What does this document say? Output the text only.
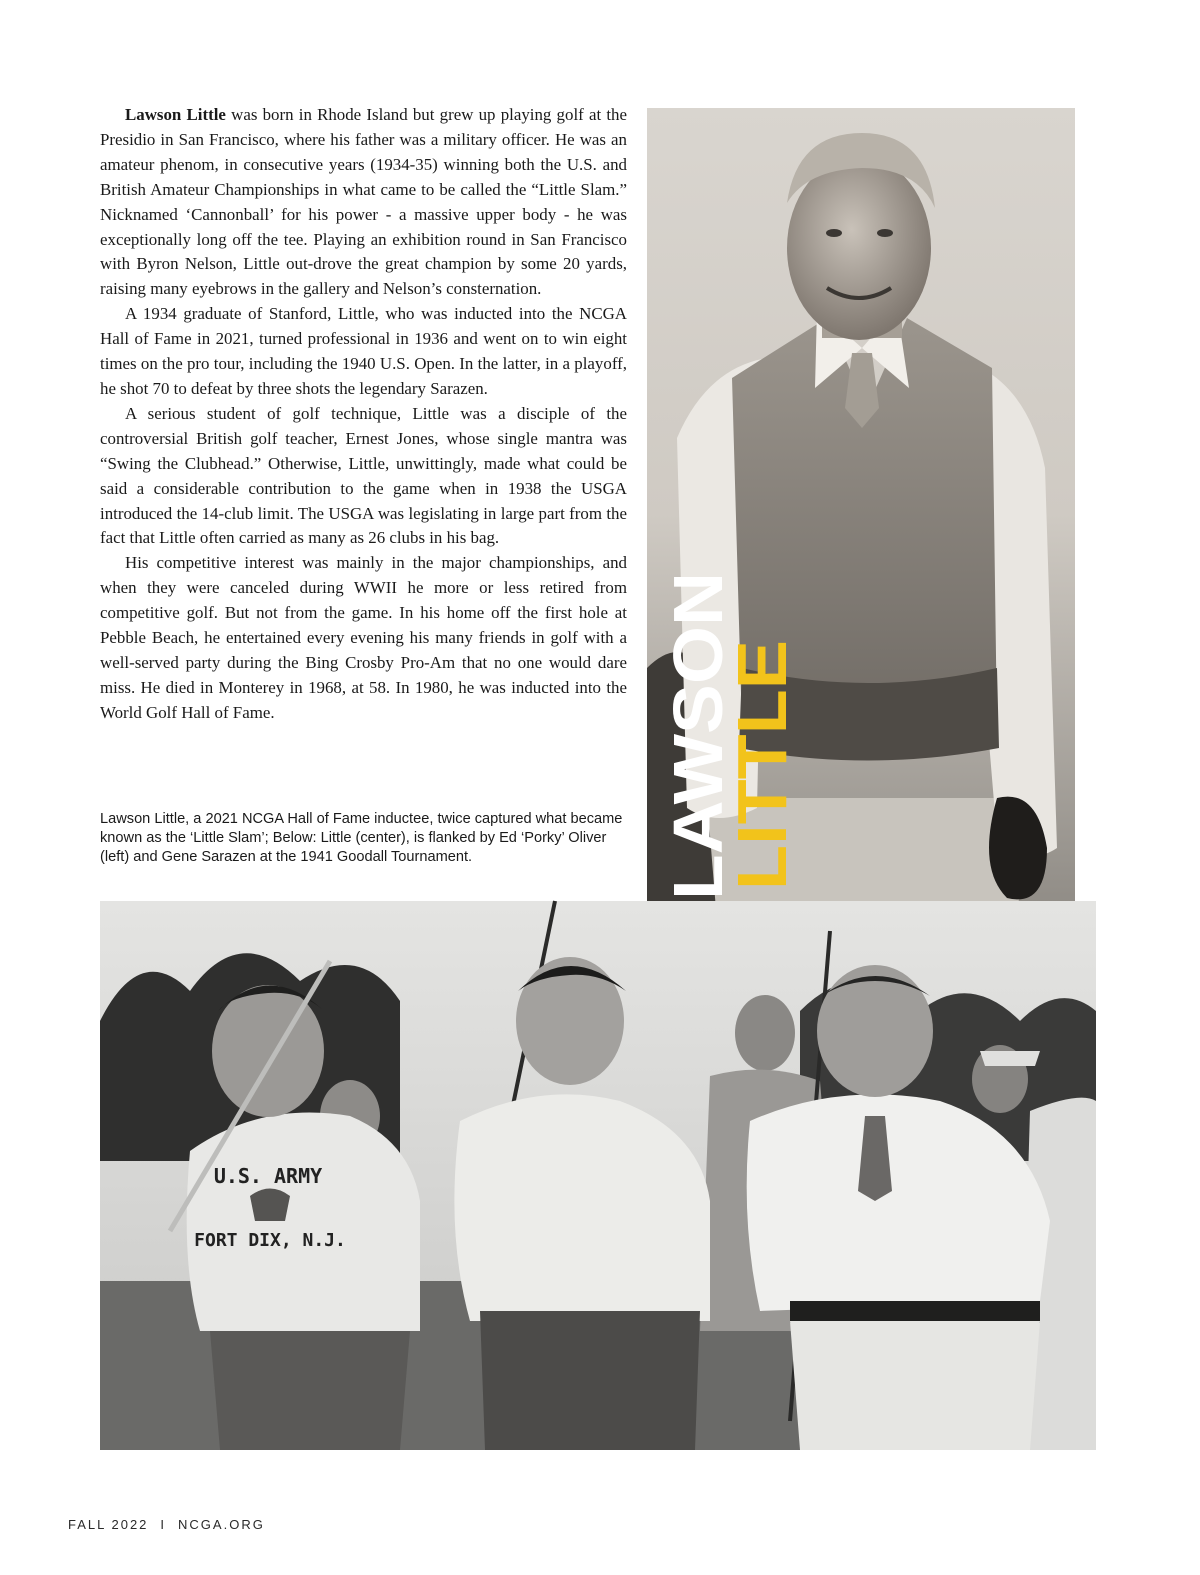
Lawson Little was born in Rhode Island but grew up playing golf at the Presidio in San Francisco, where his father was a military officer. He was an amateur phenom, in consecutive years (1934-35) winning both the U.S. and British Amateur Championships in what came to be called the “Little Slam.” Nicknamed ‘Cannonball’ for his power - a massive upper body - he was exceptionally long off the tee. Playing an exhibition round in San Francisco with Byron Nelson, Little out-drove the great champion by some 20 yards, raising many eyebrows in the gallery and Nelson’s consternation.

A 1934 graduate of Stanford, Little, who was inducted into the NCGA Hall of Fame in 2021, turned professional in 1936 and went on to win eight times on the pro tour, including the 1940 U.S. Open. In the latter, in a playoff, he shot 70 to defeat by three shots the legendary Sarazen.

A serious student of golf technique, Little was a disciple of the controversial British golf teacher, Ernest Jones, whose single mantra was “Swing the Clubhead.” Otherwise, Little, unwittingly, made what could be said a considerable contribution to the game when in 1938 the USGA introduced the 14-club limit. The USGA was legislating in large part from the fact that Little often carried as many as 26 clubs in his bag.

His competitive interest was mainly in the major championships, and when they were canceled during WWII he more or less retired from competitive golf. But not from the game. In his home off the first hole at Pebble Beach, he entertained every evening his many friends in golf with a well-served party during the Bing Crosby Pro-Am that no one would dare miss. He died in Monterey in 1968, at 58. In 1980, he was inducted into the World Golf Hall of Fame.

Lawson Little, a 2021 NCGA Hall of Fame inductee, twice captured what became known as the ‘Little Slam’; Below: Little (center), is flanked by Ed ‘Porky’ Oliver (left) and Gene Sarazen at the 1941 Goodall Tournament.	LAWSON
LITTLE
U.S. ARMY
FORT DIX, N.J.
FALL 2022 I NCGA.ORG
